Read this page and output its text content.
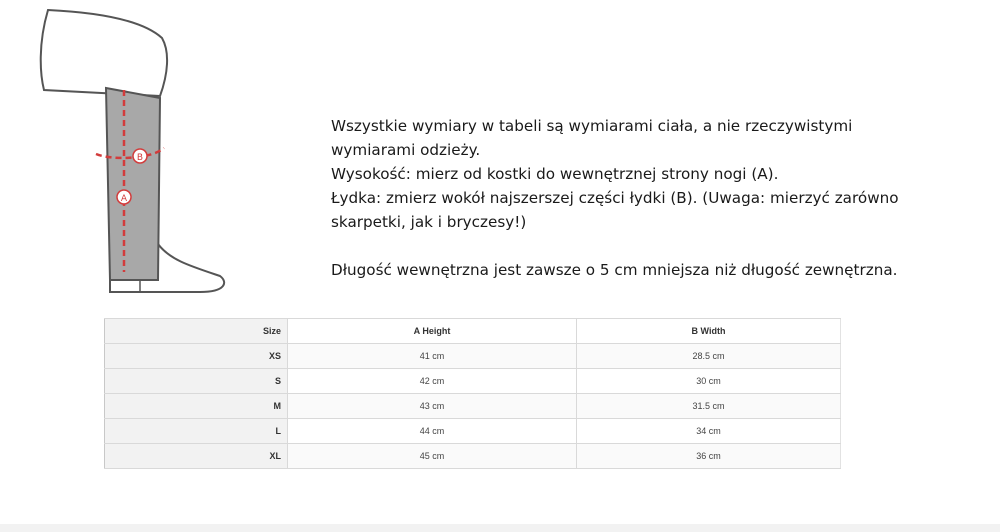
B
A

Wszystkie wymiary w tabeli są wymiarami ciała, a nie rzeczywistymi

wymiarami odzieży.

Wysokość: mierz od kostki do wewnętrznej strony nogi (A).

Łydka: zmierz wokół najszerszej części łydki (B). (Uwaga: mierzyć zarówno

skarpetki, jak i bryczesy!)

Długość wewnętrzna jest zawsze o 5 cm mniejsza niż długość zewnętrzna.

Size	A Height	B Width
XS	41 cm	28.5 cm
S	42 cm	30 cm
M	43 cm	31.5 cm
L	44 cm	34 cm
XL	45 cm	36 cm
